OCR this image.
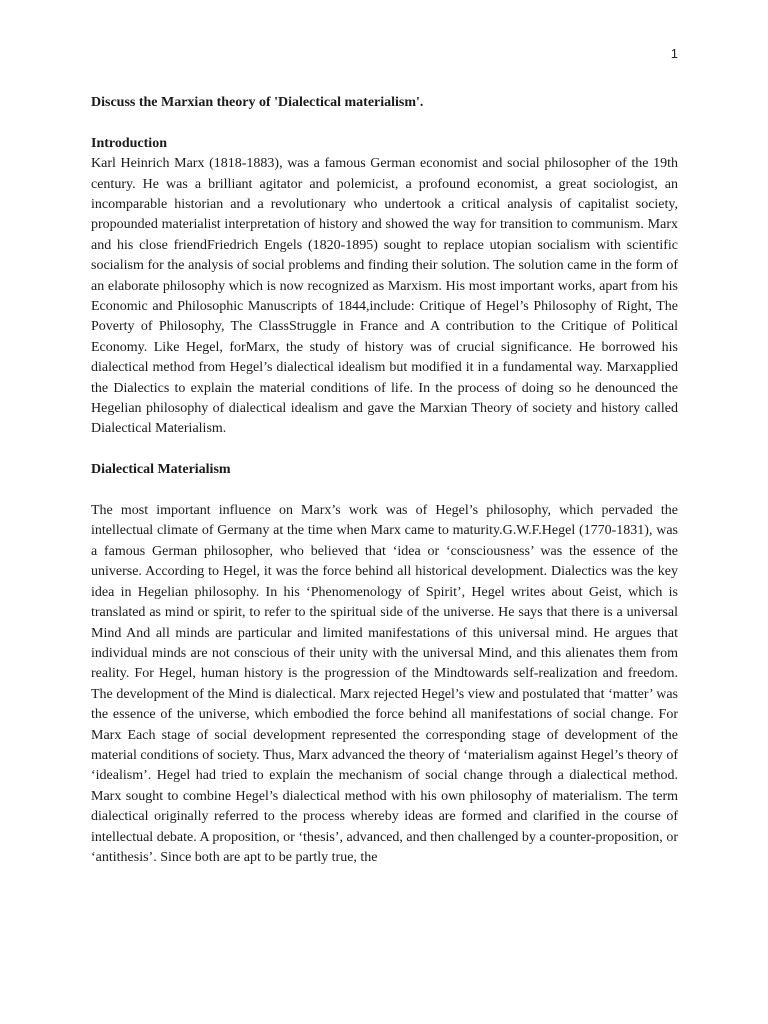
1

Discuss the Marxian theory of 'Dialectical materialism'.

Introduction

Karl Heinrich Marx (1818-1883), was a famous German economist and social philosopher of the 19th century. He was a brilliant agitator and polemicist, a profound economist, a great sociologist, an incomparable historian and a revolutionary who undertook a critical analysis of capitalist society, propounded materialist interpretation of history and showed the way for transition to communism. Marx and his close friendFriedrich Engels (1820-1895) sought to replace utopian socialism with scientific socialism for the analysis of social problems and finding their solution. The solution came in the form of an elaborate philosophy which is now recognized as Marxism. His most important works, apart from his Economic and Philosophic Manuscripts of 1844,include: Critique of Hegel’s Philosophy of Right, The Poverty of Philosophy, The ClassStruggle in France and A contribution to the Critique of Political Economy. Like Hegel, forMarx, the study of history was of crucial significance. He borrowed his dialectical method from Hegel’s dialectical idealism but modified it in a fundamental way. Marxapplied the Dialectics to explain the material conditions of life. In the process of doing so he denounced the Hegelian philosophy of dialectical idealism and gave the Marxian Theory of society and history called Dialectical Materialism.

Dialectical Materialism

The most important influence on Marx’s work was of Hegel’s philosophy, which pervaded the intellectual climate of Germany at the time when Marx came to maturity.G.W.F.Hegel (1770-1831), was a famous German philosopher, who believed that ‘idea or ‘consciousness’ was the essence of the universe. According to Hegel, it was the force behind all historical development. Dialectics was the key idea in Hegelian philosophy. In his ‘Phenomenology of Spirit’, Hegel writes about Geist, which is translated as mind or spirit, to refer to the spiritual side of the universe. He says that there is a universal Mind And all minds are particular and limited manifestations of this universal mind. He argues that individual minds are not conscious of their unity with the universal Mind, and this alienates them from reality. For Hegel, human history is the progression of the Mindtowards self-realization and freedom. The development of the Mind is dialectical. Marx rejected Hegel’s view and postulated that ‘matter’ was the essence of the universe, which embodied the force behind all manifestations of social change. For Marx Each stage of social development represented the corresponding stage of development of the material conditions of society. Thus, Marx advanced the theory of ‘materialism against Hegel’s theory of ‘idealism’. Hegel had tried to explain the mechanism of social change through a dialectical method. Marx sought to combine Hegel’s dialectical method with his own philosophy of materialism. The term dialectical originally referred to the process whereby ideas are formed and clarified in the course of intellectual debate. A proposition, or ‘thesis’, advanced, and then challenged by a counter-proposition, or ‘antithesis’. Since both are apt to be partly true, the
